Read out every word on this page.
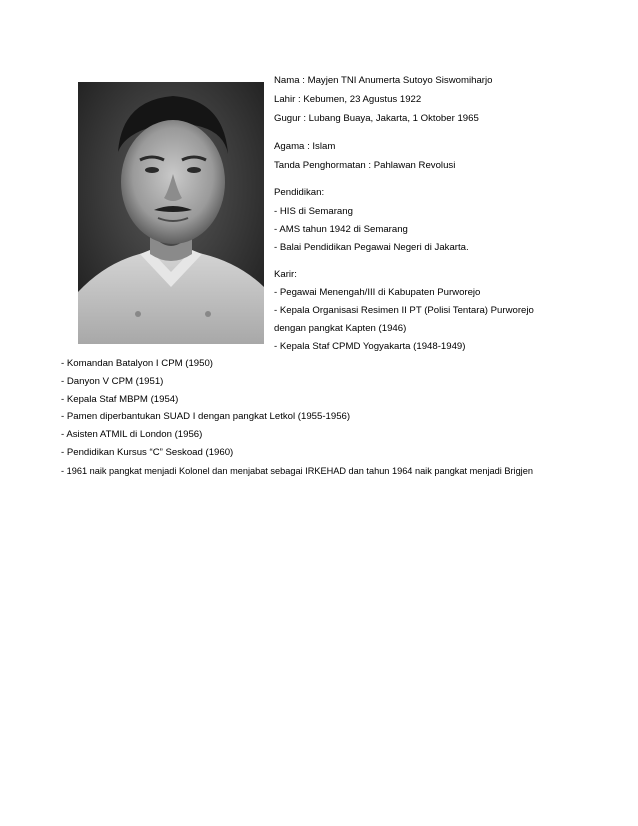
Nama : Mayjen TNI Anumerta Sutoyo Siswomiharjo
Lahir : Kebumen, 23 Agustus 1922
Gugur : Lubang Buaya, Jakarta, 1 Oktober 1965
Agama : Islam
Tanda Penghormatan : Pahlawan Revolusi
Pendidikan:
- HIS di Semarang
- AMS tahun 1942 di Semarang
- Balai Pendidikan Pegawai Negeri di Jakarta.
Karir:
- Pegawai Menengah/III di Kabupaten Purworejo
- Kepala Organisasi Resimen II PT (Polisi Tentara) Purworejo
dengan pangkat Kapten (1946)
- Kepala Staf CPMD Yogyakarta (1948-1949)
- Komandan Batalyon I CPM (1950)
- Danyon V CPM (1951)
- Kepala Staf MBPM (1954)
- Pamen diperbantukan SUAD I dengan pangkat Letkol (1955-1956)
- Asisten ATMIL di London (1956)
- Pendidikan Kursus “C” Seskoad (1960)
- 1961 naik pangkat menjadi Kolonel dan menjabat sebagai IRKEHAD dan tahun 1964 naik pangkat menjadi Brigjen
